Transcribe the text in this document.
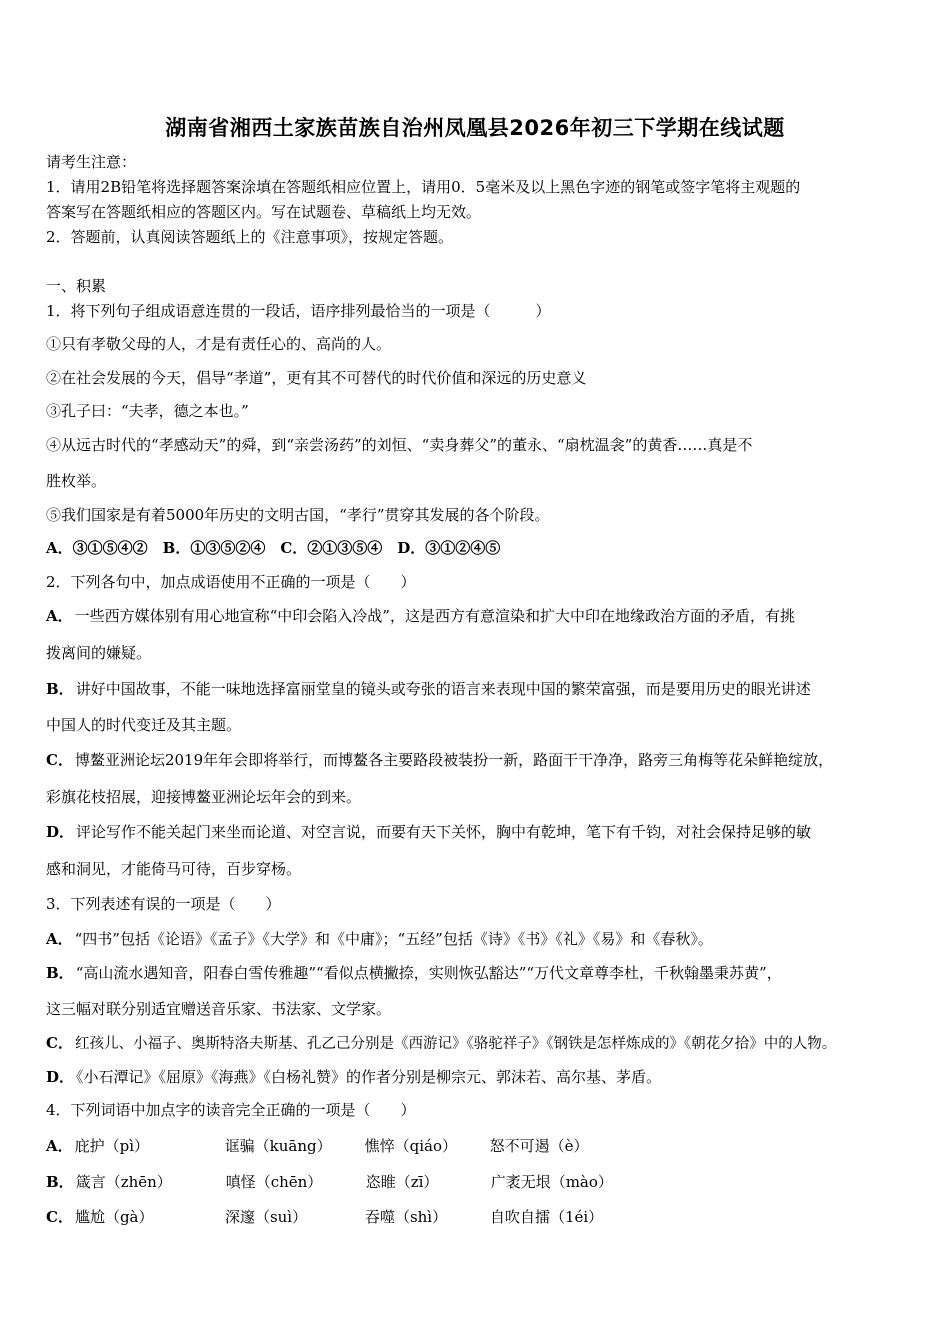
湖南省湘西土家族苗族自治州凤凰县2026年初三下学期在线试题
请考生注意：
1．请用2B铅笔将选择题答案涂填在答题纸相应位置上，请用0．5毫米及以上黑色字迹的钢笔或签字笔将主观题的
答案写在答题纸相应的答题区内。写在试题卷、草稿纸上均无效。
2．答题前，认真阅读答题纸上的《注意事项》，按规定答题。
一、积累
1．将下列句子组成语意连贯的一段话，语序排列最恰当的一项是（　　　）
①只有孝敬父母的人，才是有责任心的、高尚的人。
②在社会发展的今天，倡导“孝道”，更有其不可替代的时代价值和深远的历史意义
③孔子曰：“夫孝，德之本也。”
④从远古时代的“孝感动天”的舜，到“亲尝汤药”的刘恒、“卖身葬父”的董永、“扇枕温衾”的黄香……真是不
胜枚举。
⑤我们国家是有着5000年历史的文明古国，“孝行”贯穿其发展的各个阶段。
A．③①⑤④②　B．①③⑤②④　C．②①③⑤④　D．③①②④⑤
2．下列各句中，加点成语使用不正确的一项是（　　）
A． 一些西方媒体别有用心地宣称“中印会陷入冷战”，这是西方有意渲染和扩大中印在地缘政治方面的矛盾，有挑
拨离间的嫌疑。
B． 讲好中国故事，不能一味地选择富丽堂皇的镜头或夸张的语言来表现中国的繁荣富强，而是要用历史的眼光讲述
中国人的时代变迁及其主题。
C． 博鳌亚洲论坛2019年年会即将举行，而博鳌各主要路段被装扮一新，路面干干净净，路旁三角梅等花朵鲜艳绽放，
彩旗花枝招展，迎接博鳌亚洲论坛年会的到来。
D． 评论写作不能关起门来坐而论道、对空言说，而要有天下关怀，胸中有乾坤，笔下有千钧，对社会保持足够的敏
感和洞见，才能倚马可待，百步穿杨。
3．下列表述有误的一项是（　　）
A． “四书”包括《论语》《孟子》《大学》和《中庸》；“五经”包括《诗》《书》《礼》《易》和《春秋》。
B． “高山流水遇知音，阳春白雪传雅趣”“看似点横撇捺，实则恢弘豁达”“万代文章尊李杜，千秋翰墨秉苏黄”，
这三幅对联分别适宜赠送音乐家、书法家、文学家。
C． 红孩儿、小福子、奥斯特洛夫斯基、孔乙己分别是《西游记》《骆驼祥子》《钢铁是怎样炼成的》《朝花夕拾》中的人物。
D． 《小石潭记》《屈原》《海燕》《白杨礼赞》的作者分别是柳宗元、郭沫若、高尔基、茅盾。
4．下列词语中加点字的读音完全正确的一项是（　　）
A． 庇护（pì）	诓骗（kuāng） 憔悴（qiáo） 怒不可遏（è）
B． 箴言（zhēn）	嗔怪（chēn）	恣睢（zī）	广袤无垠（mào）
C． 尴尬（gà）	深邃（suì）	吞噬（shì）	自吹自擂（1éi）
